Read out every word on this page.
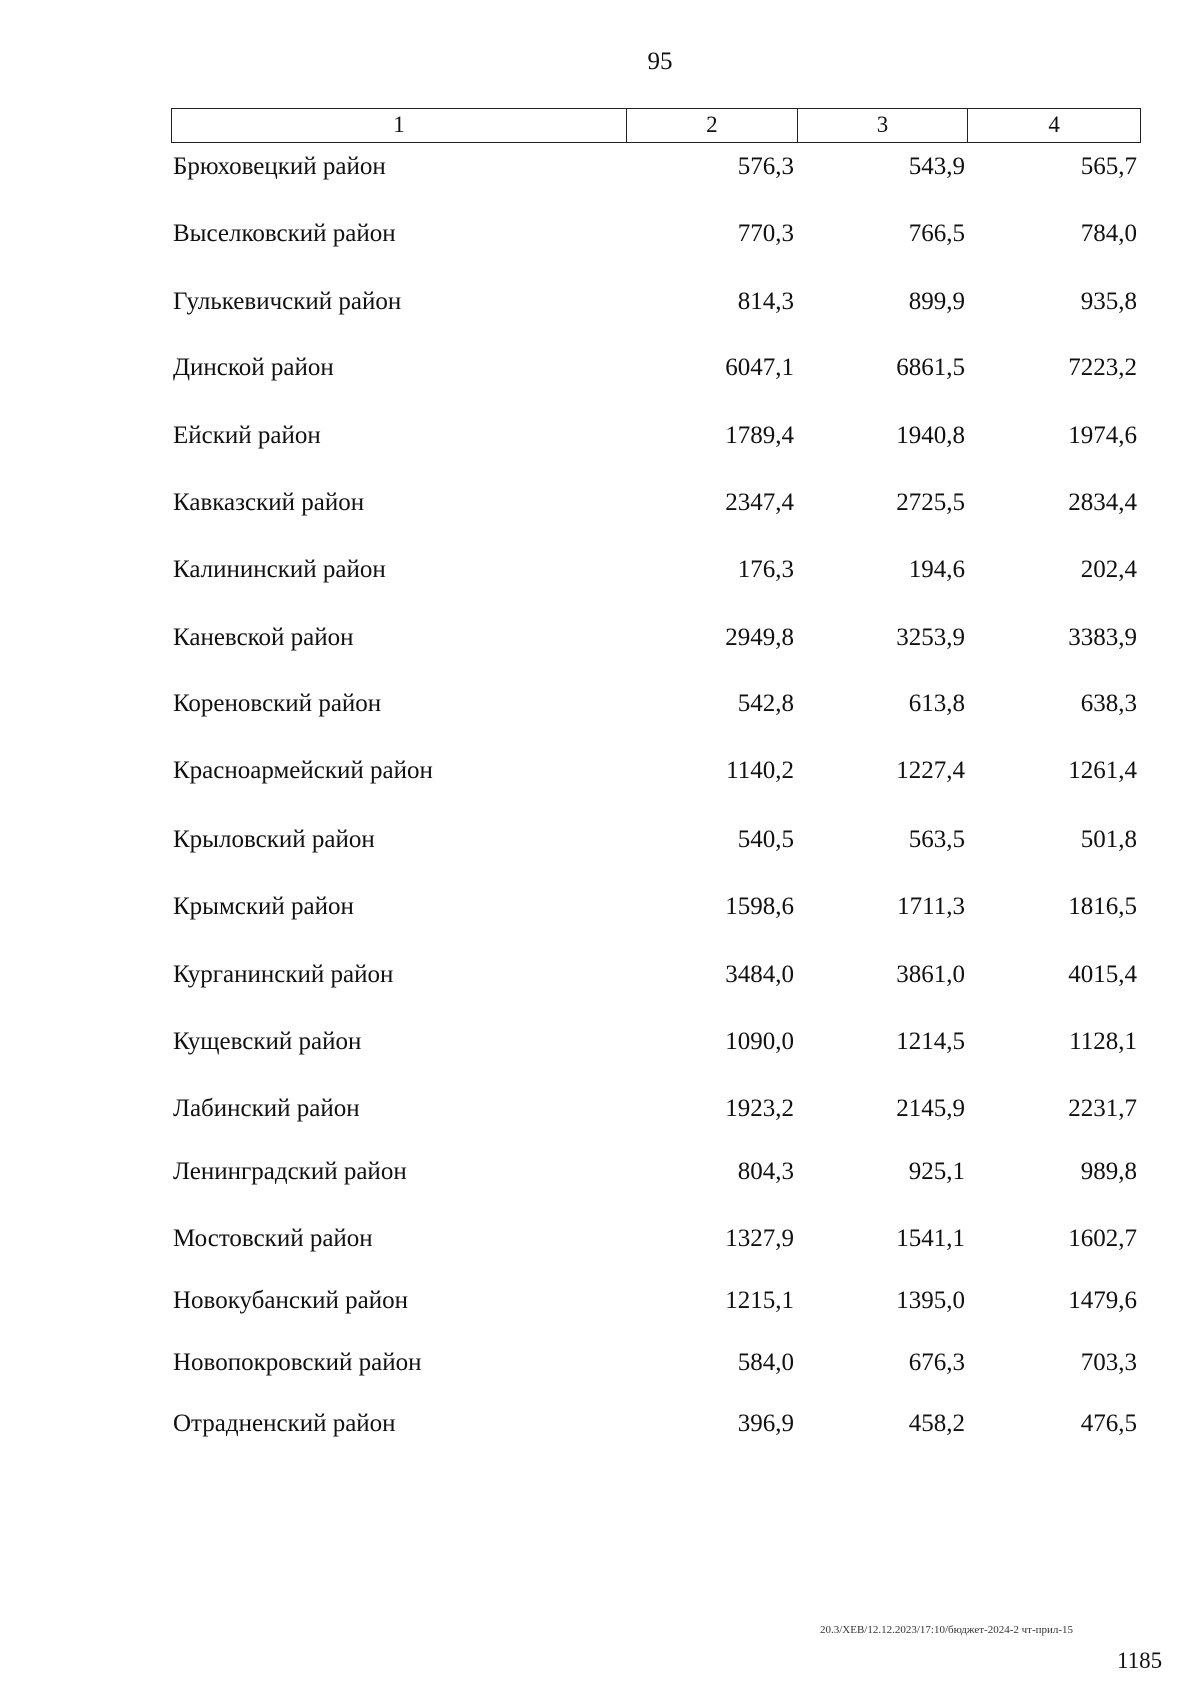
95
1	2	3	4
Брюховецкий район	576,3	543,9	565,7
Выселковский район	770,3	766,5	784,0
Гулькевичский район	814,3	899,9	935,8
Динской район	6047,1	6861,5	7223,2
Ейский район	1789,4	1940,8	1974,6
Кавказский район	2347,4	2725,5	2834,4
Калининский район	176,3	194,6	202,4
Каневской район	2949,8	3253,9	3383,9
Кореновский район	542,8	613,8	638,3
Красноармейский район	1140,2	1227,4	1261,4
Крыловский район	540,5	563,5	501,8
Крымский район	1598,6	1711,3	1816,5
Курганинский район	3484,0	3861,0	4015,4
Кущевский район	1090,0	1214,5	1128,1
Лабинский район	1923,2	2145,9	2231,7
Ленинградский район	804,3	925,1	989,8
Мостовский район	1327,9	1541,1	1602,7
Новокубанский район	1215,1	1395,0	1479,6
Новопокровский район	584,0	676,3	703,3
Отрадненский район	396,9	458,2	476,5
20.3/ХЕВ/12.12.2023/17:10/бюджет-2024-2 чт-прил-15
1185
